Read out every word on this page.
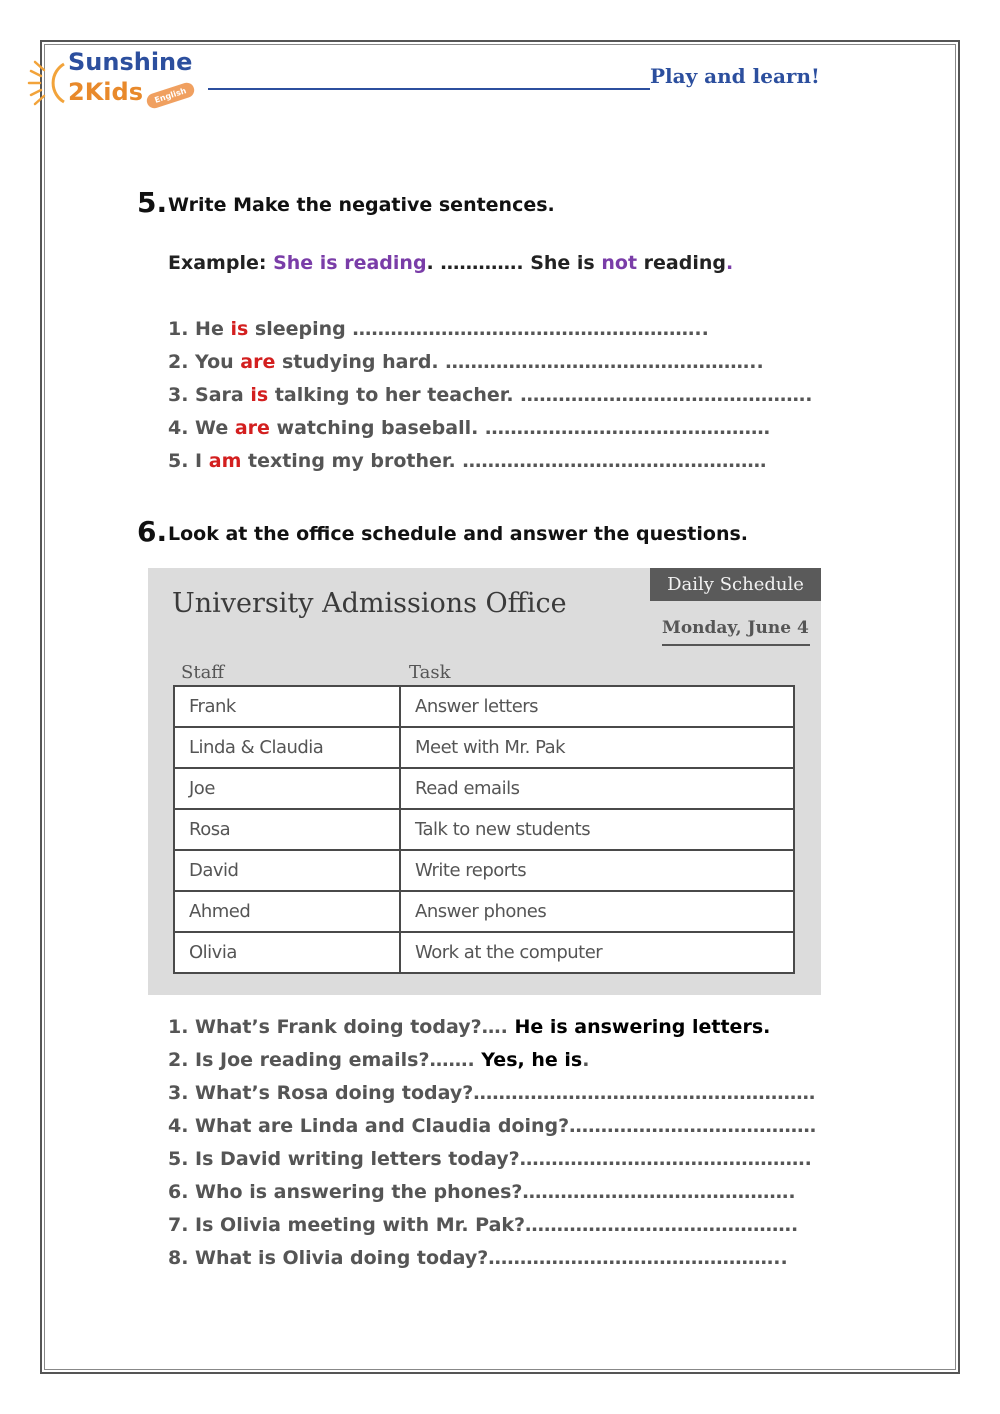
Sunshine
2Kids	English
Play and learn!
5. Write Make the negative sentences.
Example: She is reading. …………. She is not reading.
1. He is sleeping ………………………………………………..
2. You are studying hard. …………………………………………..
3. Sara is talking to her teacher. ……………………………………….
4. We are watching baseball. ………………………………………
5. I am texting my brother. …………………………………………
6. Look at the office schedule and answer the questions.
University Admissions Office
Daily Schedule
Monday, June 4
Staff	Task
Frank	Answer letters
Linda & Claudia	Meet with Mr. Pak
Joe	Read emails
Rosa	Talk to new students
David	Write reports
Ahmed	Answer phones
Olivia	Work at the computer
1. What’s Frank doing today?…. He is answering letters.
2. Is Joe reading emails?……. Yes, he is.
3. What’s Rosa doing today?………………………………………………
4. What are Linda and Claudia doing?…………………………………
5. Is David writing letters today?……………………………………….
6. Who is answering the phones?…………………………………….
7. Is Olivia meeting with Mr. Pak?…………………………………….
8. What is Olivia doing today?………………………………………..
